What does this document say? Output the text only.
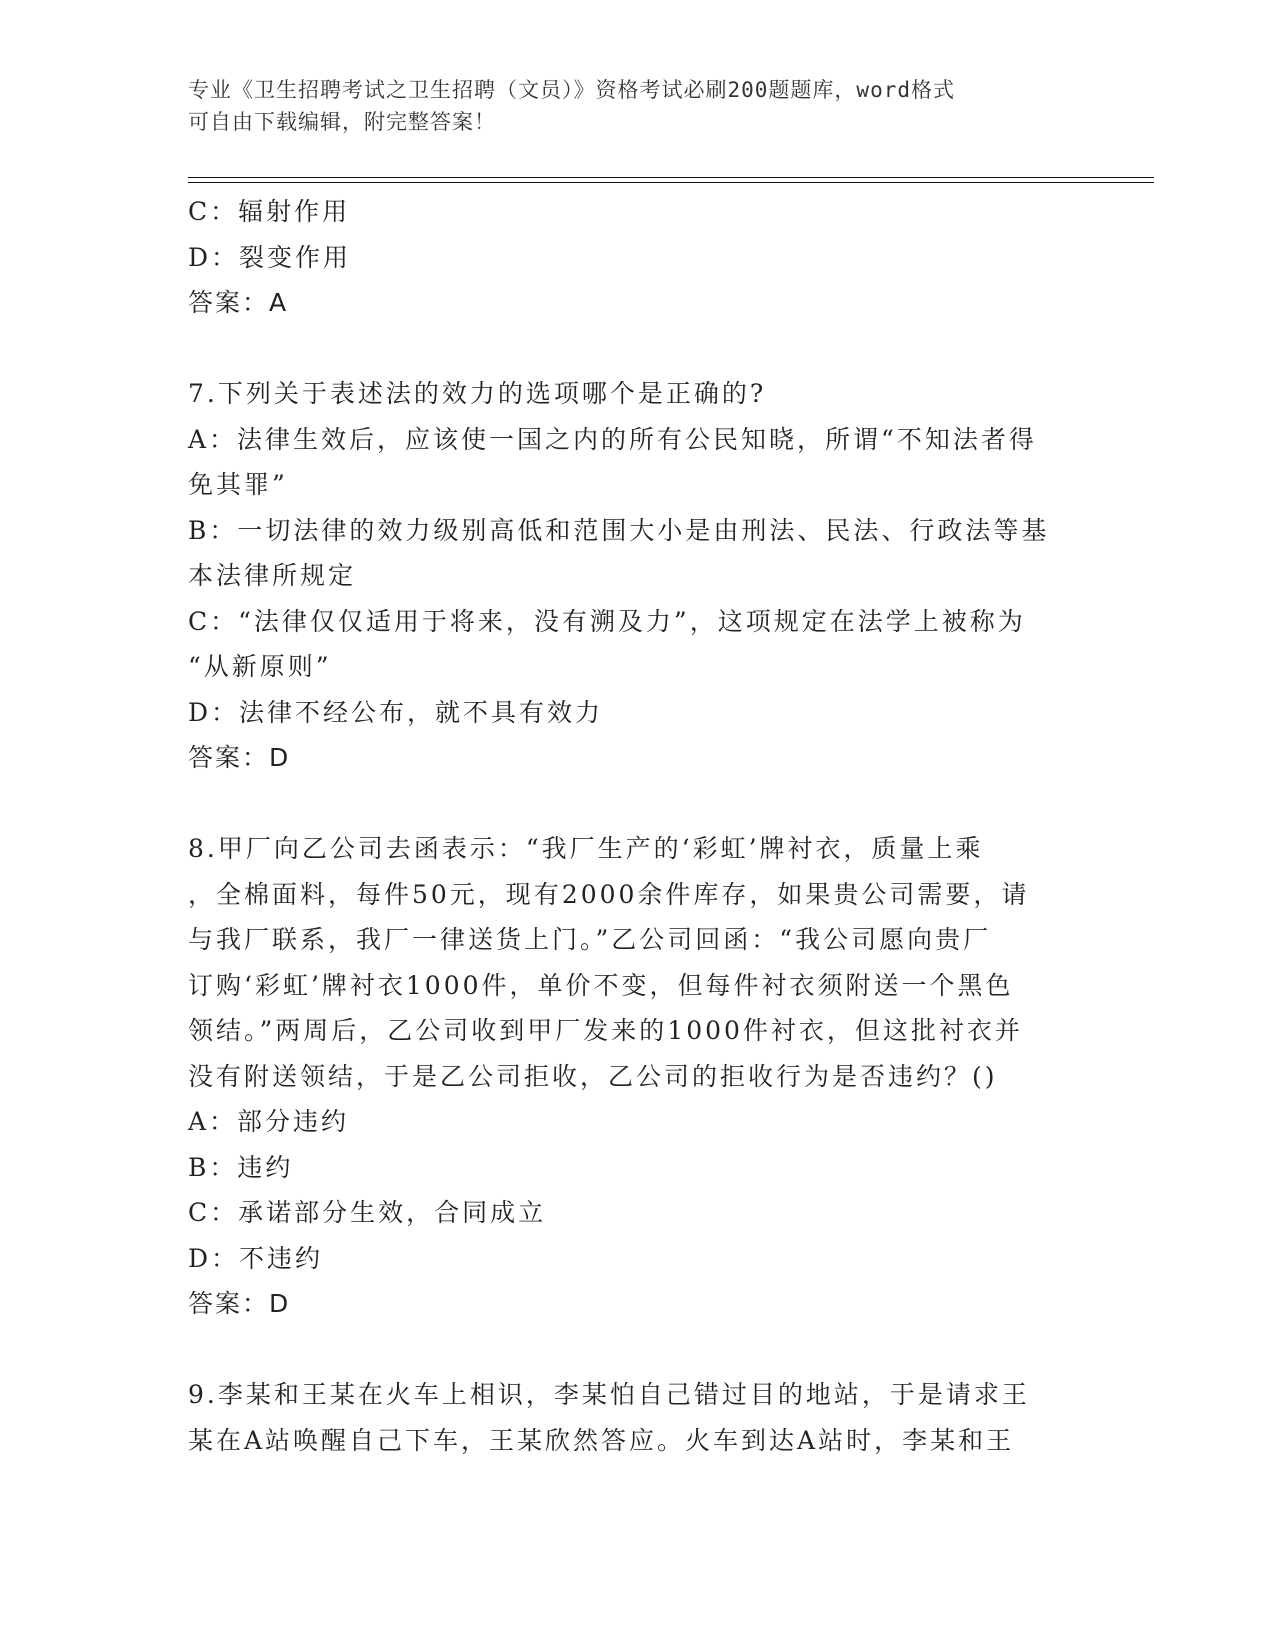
专业《卫生招聘考试之卫生招聘（文员）》资格考试必刷200题题库，word格式
可自由下载编辑，附完整答案！

C：辐射作用

D：裂变作用

答案：A

7.下列关于表述法的效力的选项哪个是正确的?

A：法律生效后，应该使一国之内的所有公民知晓，所谓“不知法者得

免其罪”

B：一切法律的效力级别高低和范围大小是由刑法、民法、行政法等基

本法律所规定

C：“法律仅仅适用于将来，没有溯及力”，这项规定在法学上被称为

“从新原则”

D：法律不经公布，就不具有效力

答案：D

8.甲厂向乙公司去函表示：“我厂生产的‘彩虹’牌衬衣，质量上乘

，全棉面料，每件50元，现有2000余件库存，如果贵公司需要，请

与我厂联系，我厂一律送货上门。”乙公司回函：“我公司愿向贵厂

订购‘彩虹’牌衬衣1000件，单价不变，但每件衬衣须附送一个黑色

领结。”两周后，乙公司收到甲厂发来的1000件衬衣，但这批衬衣并

没有附送领结，于是乙公司拒收，乙公司的拒收行为是否违约？()

A：部分违约

B：违约

C：承诺部分生效，合同成立

D：不违约

答案：D

9.李某和王某在火车上相识，李某怕自己错过目的地站，于是请求王

某在A站唤醒自己下车，王某欣然答应。火车到达A站时，李某和王
